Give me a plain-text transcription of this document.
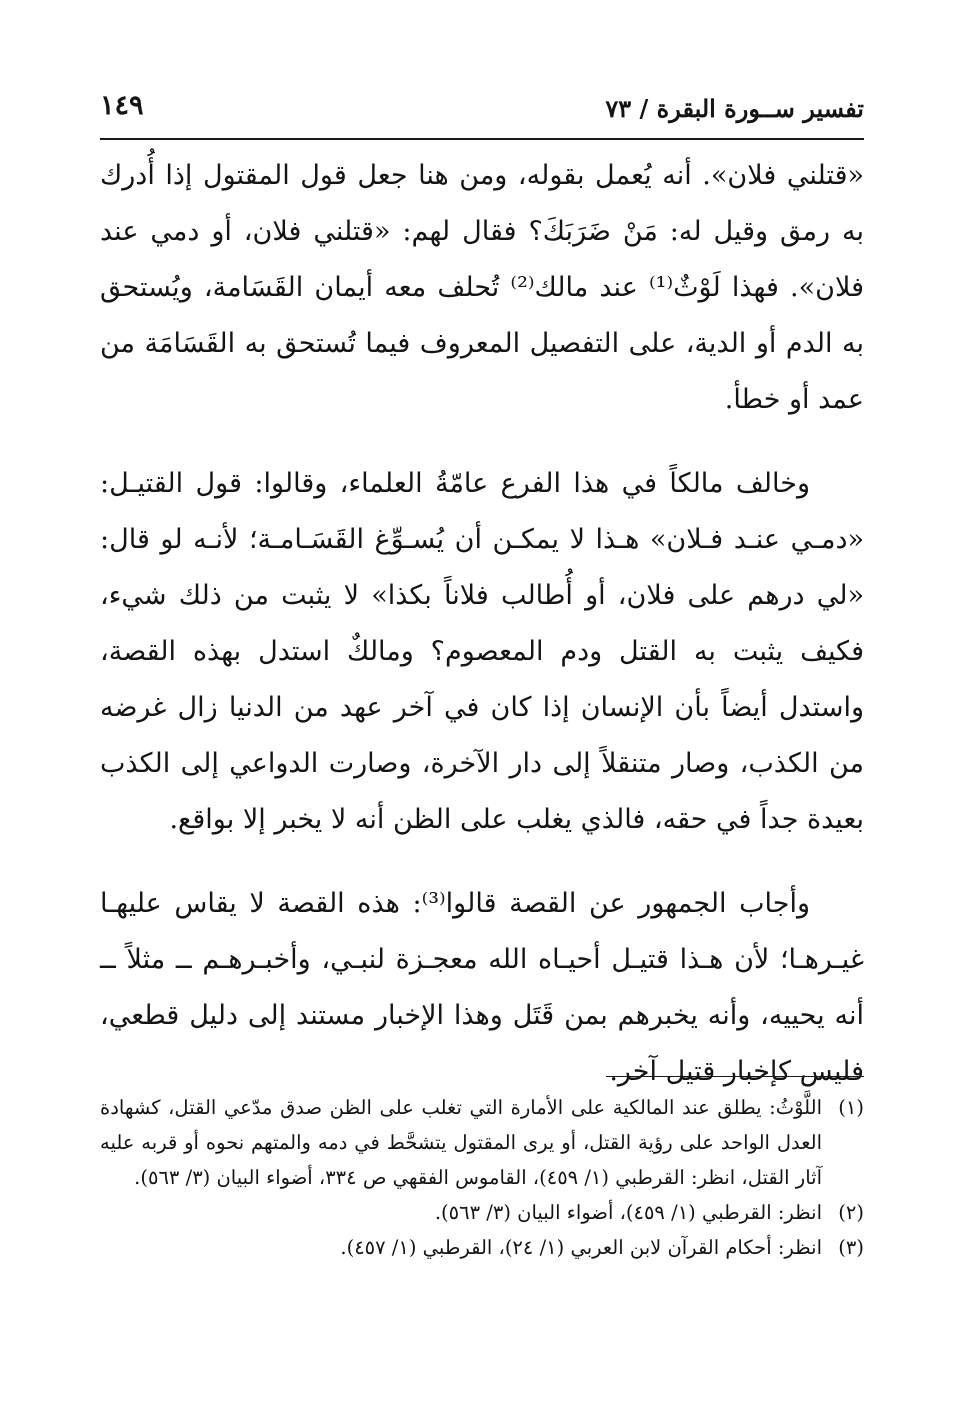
تفسير ســورة البقرة / ٧٣
١٤٩

«قتلني فلان». أنه يُعمل بقوله، ومن هنا جعل قول المقتول إذا أُدرك به رمق وقيل له: مَنْ ضَرَبَكَ؟ فقال لهم: «قتلني فلان، أو دمي عند فلان». فهذا لَوْثٌ⁽¹⁾ عند مالك⁽²⁾ تُحلف معه أيمان القَسَامة، ويُستحق به الدم أو الدية، على التفصيل المعروف فيما تُستحق به القَسَامَة من عمد أو خطأ.

وخالف مالكاً في هذا الفرع عامّةُ العلماء، وقالوا: قول القتيـل: «دمـي عنـد فـلان» هـذا لا يمكـن أن يُسـوِّغ القَسَـامـة؛ لأنـه لو قال: «لي درهم على فلان، أو أُطالب فلاناً بكذا» لا يثبت من ذلك شيء، فكيف يثبت به القتل ودم المعصوم؟ ومالكٌ استدل بهذه القصة، واستدل أيضاً بأن الإنسان إذا كان في آخر عهد من الدنيا زال غرضه من الكذب، وصار متنقلاً إلى دار الآخرة، وصارت الدواعي إلى الكذب بعيدة جداً في حقه، فالذي يغلب على الظن أنه لا يخبر إلا بواقع.

وأجاب الجمهور عن القصة قالوا⁽³⁾: هذه القصة لا يقاس عليهـا غيـرهـا؛ لأن هـذا قتيـل أحيـاه الله معجـزة لنبـي، وأخبـرهـم ــ مثلاً ــ أنه يحييه، وأنه يخبرهم بمن قَتَل وهذا الإخبار مستند إلى دليل قطعي، فليس كإخبار قتيل آخر.

(١)
اللَّوْثُ: يطلق عند المالكية على الأمارة التي تغلب على الظن صدق مدّعي القتل، كشهادة العدل الواحد على رؤية القتل، أو يرى المقتول يتشحَّط في دمه والمتهم نحوه أو قربه عليه آثار القتل، انظر: القرطبي (١/ ٤٥٩)، القاموس الفقهي ص ٣٣٤، أضواء البيان (٣/ ٥٦٣).

(٢)
انظر: القرطبي (١/ ٤٥٩)، أضواء البيان (٣/ ٥٦٣).

(٣)
انظر: أحكام القرآن لابن العربي (١/ ٢٤)، القرطبي (١/ ٤٥٧).
